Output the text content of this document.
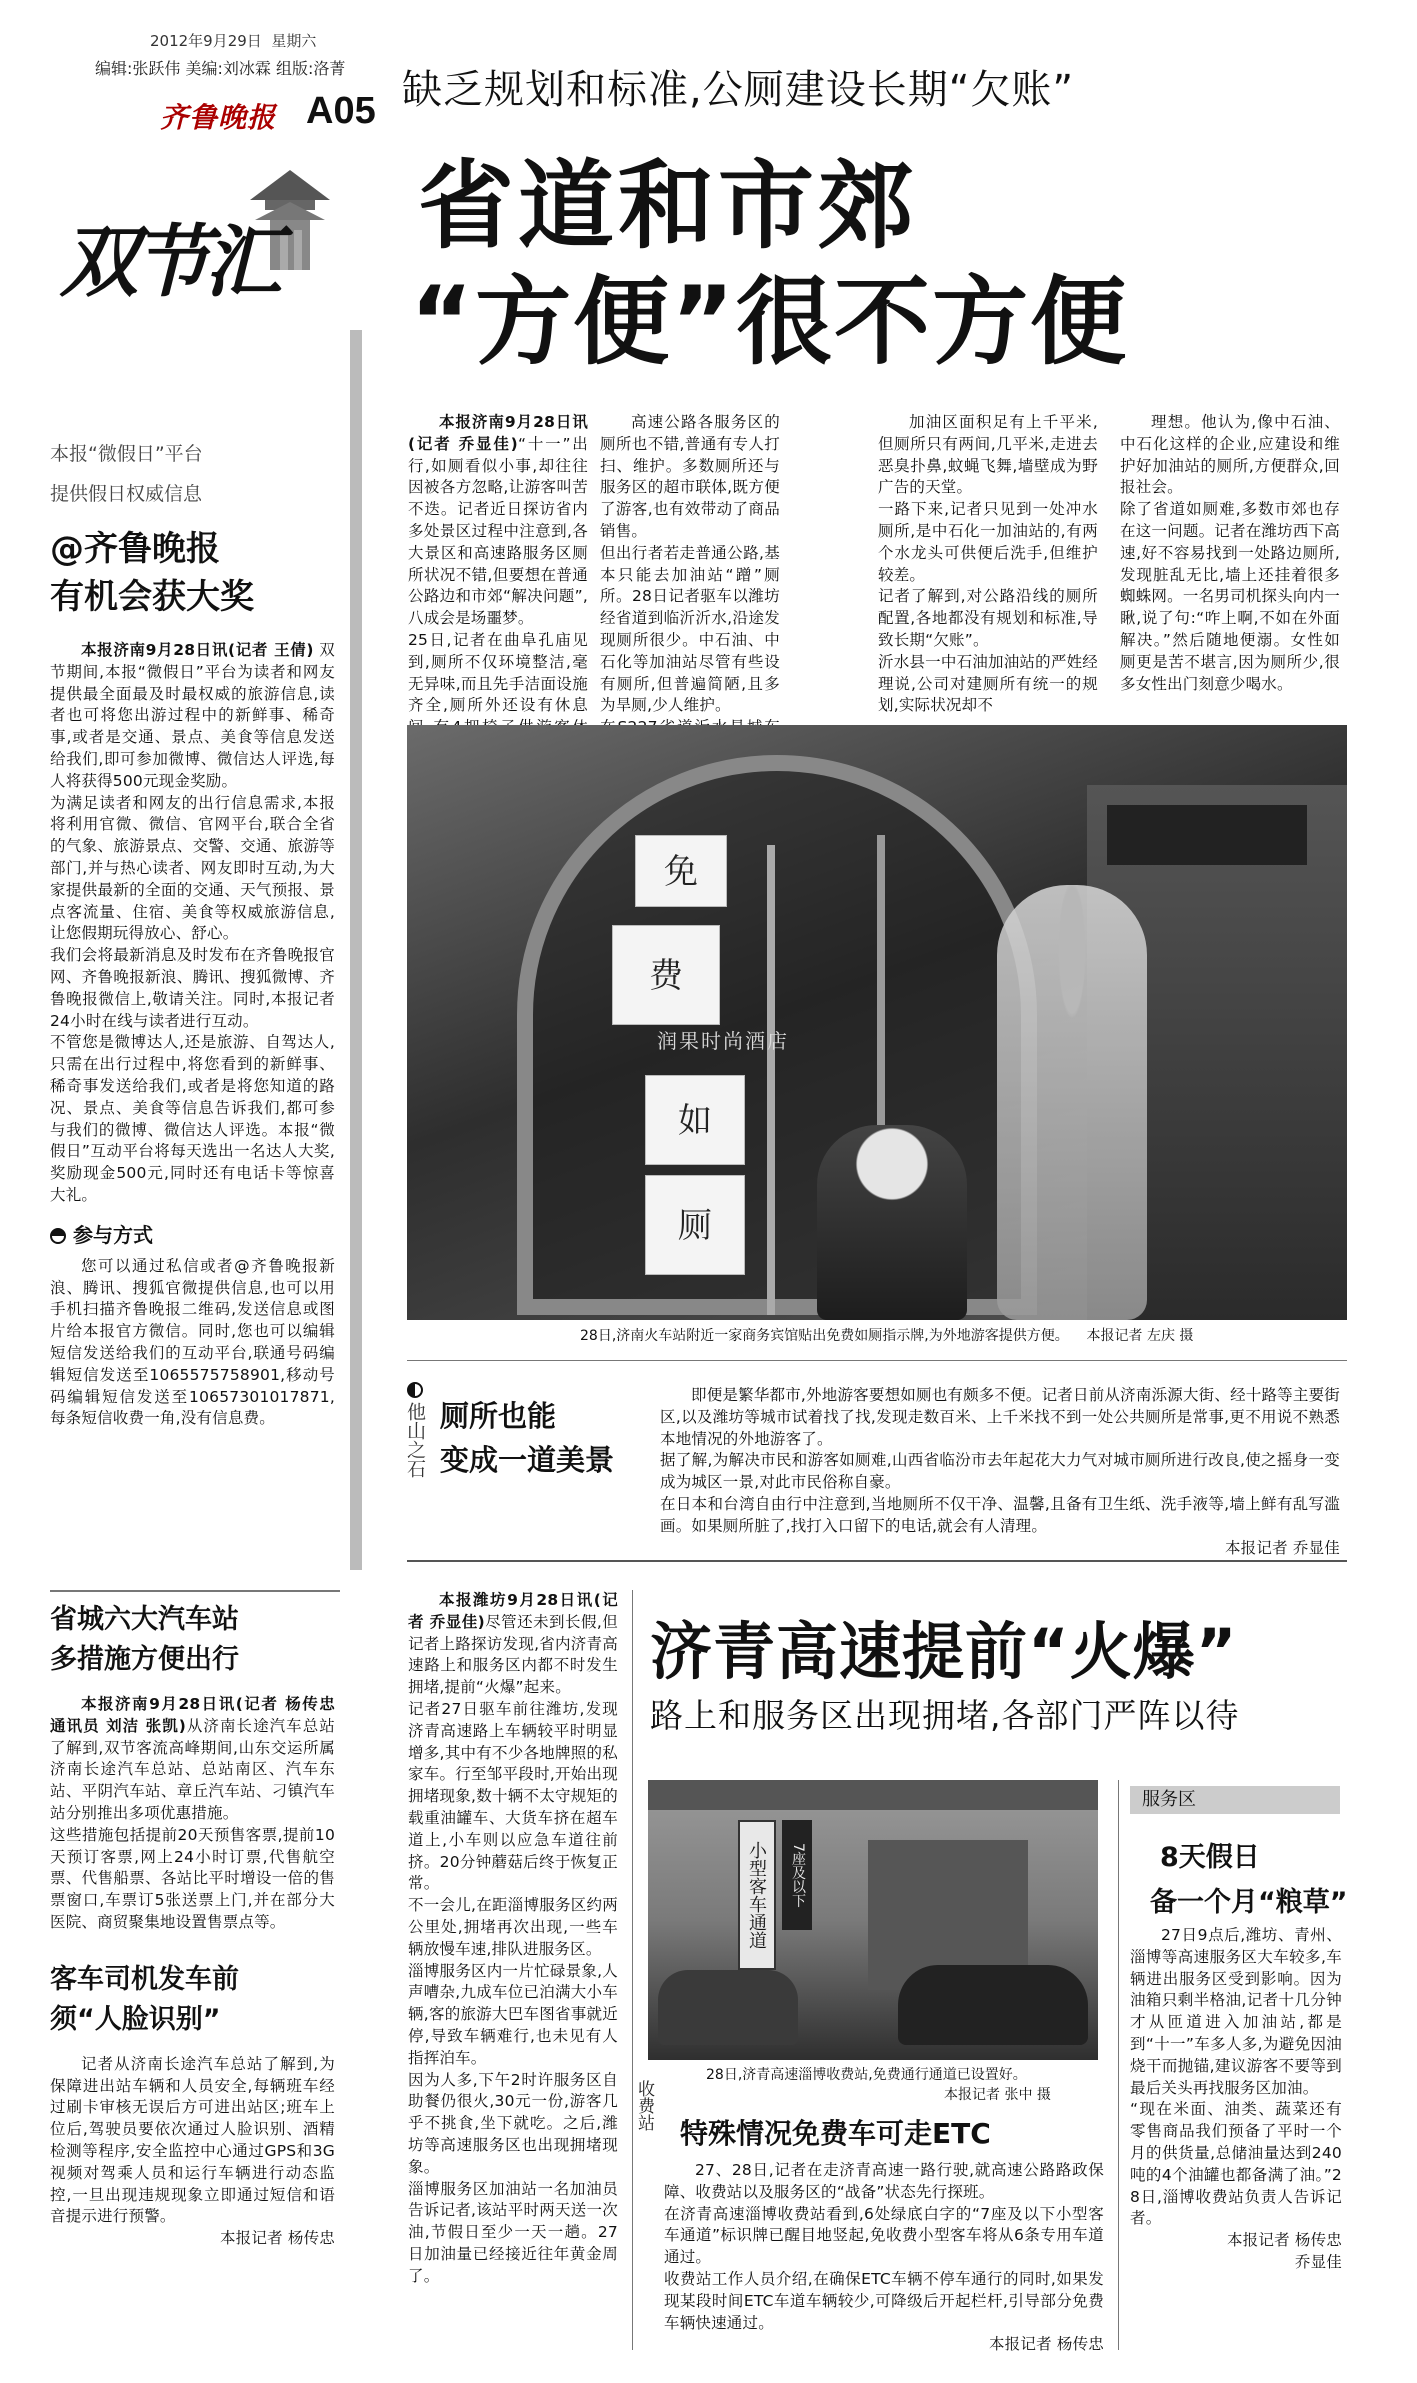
2012年9月29日 星期六
编辑:张跃伟 美编:刘冰霖 组版:洛菁
齐鲁晚报 A05
双节汇
缺乏规划和标准,公厕建设长期“欠账”
省道和市郊
“方便”很不方便
本报“微假日”平台
提供假日权威信息
@齐鲁晚报
有机会获大奖

本报济南9月28日讯(记者 王倩) 双节期间,本报“微假日”平台为读者和网友提供最全面最及时最权威的旅游信息,读者也可将您出游过程中的新鲜事、稀奇事,或者是交通、景点、美食等信息发送给我们,即可参加微博、微信达人评选,每人将获得500元现金奖励。
为满足读者和网友的出行信息需求,本报将利用官微、微信、官网平台,联合全省的气象、旅游景点、交警、交通、旅游等部门,并与热心读者、网友即时互动,为大家提供最新的全面的交通、天气预报、景点客流量、住宿、美食等权威旅游信息,让您假期玩得放心、舒心。
我们会将最新消息及时发布在齐鲁晚报官网、齐鲁晚报新浪、腾讯、搜狐微博、齐鲁晚报微信上,敬请关注。同时,本报记者24小时在线与读者进行互动。
不管您是微博达人,还是旅游、自驾达人,只需在出行过程中,将您看到的新鲜事、稀奇事发送给我们,或者是将您知道的路况、景点、美食等信息告诉我们,都可参与我们的微博、微信达人评选。本报“微假日”互动平台将每天选出一名达人大奖,奖励现金500元,同时还有电话卡等惊喜大礼。

参与方式

您可以通过私信或者@齐鲁晚报新浪、腾讯、搜狐官微提供信息,也可以用手机扫描齐鲁晚报二维码,发送信息或图片给本报官方微信。同时,您也可以编辑短信发送给我们的互动平台,联通号码编辑短信发送至1065575758901,移动号码编辑短信发送至10657301017871,每条短信收费一角,没有信息费。

省城六大汽车站
多措施方便出行

本报济南9月28日讯(记者 杨传忠 通讯员 刘洁 张凯)从济南长途汽车总站了解到,双节客流高峰期间,山东交运所属济南长途汽车总站、总站南区、汽车东站、平阴汽车站、章丘汽车站、刁镇汽车站分别推出多项优惠措施。
这些措施包括提前20天预售客票,提前10天预订客票,网上24小时订票,代售航空票、代售船票、各站比平时增设一倍的售票窗口,车票订5张送票上门,并在部分大医院、商贸聚集地设置售票点等。

客车司机发车前
须“人脸识别”

记者从济南长途汽车总站了解到,为保障进出站车辆和人员安全,每辆班车经过刷卡审核无误后方可进出站区;班车上位后,驾驶员要依次通过人脸识别、酒精检测等程序,安全监控中心通过GPS和3G视频对驾乘人员和运行车辆进行动态监控,一旦出现违规现象立即通过短信和语音提示进行预警。

本报记者 杨传忠

本报济南9月28日讯(记者 乔显佳)“十一”出行,如厕看似小事,却往往因被各方忽略,让游客叫苦不迭。记者近日探访省内多处景区过程中注意到,各大景区和高速路服务区厕所状况不错,但要想在普通公路边和市郊“解决问题”,八成会是场噩梦。
25日,记者在曲阜孔庙见到,厕所不仅环境整洁,毫无异味,而且先手洁面设施齐全,厕所外还设有休息

高速公路各服务区的厕所也不错,普通有专人打扫、维护。多数厕所还与服务区的超市联体,既方便了游客,也有效带动了商品销售。
但出行者若走普通公路,基本只能去加油站“蹭”厕所。28日记者驱车以潍坊经省道到临沂沂水,沿途发现厕所很少。中石油、中石化等加油站尽管有些设有厕所,但普遍简陋,且多为旱厕,少人维护。

加油区面积足有上千平米,但厕所只有两间,几平米,走进去恶臭扑鼻,蚊蝇飞舞,墙壁成为野广告的天堂。
一路下来,记者只见到一处冲水厕所,是中石化一加油站的,有两个水龙头可供便后洗手,但维护较差。
记者了解到,对公路沿线的厕所配置,各地都没有规划和标准,导致长期“欠账”。
沂水县一中石油加油站的严姓经理说,公司对建厕所有统一的规划,实际状况却不

理想。他认为,像中石油、中石化这样的企业,应建设和维护好加油站的厕所,方便群众,回报社会。
除了省道如厕难,多数市郊也存在这一问题。记者在潍坊西下高速,好不容易找到一处路边厕所,发现脏乱无比,墙上还挂着很多蜘蛛网。一名男司机探头向内一瞅,说了句:“咋上啊,不如在外面解决。”然后随地便溺。女性如厕更是苦不堪言,因为厕所少,很多女性出门刻意少喝水。

润果时尚酒店
免
费
如
厕
28日,济南火车站附近一家商务宾馆贴出免费如厕指示牌,为外地游客提供方便。 本报记者 左庆 摄
他山之石 厕所也能
变成一道美景

即便是繁华都市,外地游客要想如厕也有颇多不便。记者日前从济南泺源大街、经十路等主要街区,以及潍坊等城市试着找了找,发现走数百米、上千米找不到一处公共厕所是常事,更不用说不熟悉本地情况的外地游客了。
据了解,为解决市民和游客如厕难,山西省临汾市去年起花大力气对城市厕所进行改良,使之摇身一变成为城区一景,对此市民俗称自豪。
在日本和台湾自由行中注意到,当地厕所不仅干净、温馨,且备有卫生纸、洗手液等,墙上鲜有乱写滥画。如果厕所脏了,找打入口留下的电话,就会有人清理。

本报记者 乔显佳

本报潍坊9月28日讯(记者 乔显佳)尽管还未到长假,但记者上路探访发现,省内济青高速路上和服务区内都不时发生拥堵,提前“火爆”起来。
记者27日驱车前往潍坊,发现济青高速路上车辆较平时明显增多,其中有不少各地牌照的私家车。行至邹平段时,开始出现拥堵现象,数十辆不太守规矩的载重油罐车、大货车挤在超车道上,小车则以应急车道往前挤。20分钟蘑菇后终于恢复正常。
不一会儿,在距淄博服务区约两公里处,拥堵再次出现,一些车辆放慢车速,排队进服务区。
淄博服务区内一片忙碌景象,人声嘈杂,九成车位已泊满大小车辆,客的旅游大巴车图省事就近停,导致车辆难行,也未见有人指挥泊车。
因为人多,下午2时许服务区自助餐仍很火,30元一份,游客几乎不挑食,坐下就吃。之后,潍坊等高速服务区也出现拥堵现象。
淄博服务区加油站一名加油员告诉记者,该站平时两天送一次油,节假日至少一天一趟。27日加油量已经接近往年黄金周了。

济青高速提前“火爆”
路上和服务区出现拥堵,各部门严阵以待
小型客车通道	7座及以下
28日,济青高速淄博收费站,免费通行通道已设置好。
本报记者 张中 摄
收费站
特殊情况免费车可走ETC

27、28日,记者在走济青高速一路行驶,就高速公路路政保障、收费站以及服务区的“战备”状态先行探班。
在济青高速淄博收费站看到,6处绿底白字的“7座及以下小型客车通道”标识牌已醒目地竖起,免收费小型客车将从6条专用车道通过。
收费站工作人员介绍,在确保ETC车辆不停车通行的同时,如果发现某段时间ETC车道车辆较少,可降级后开起栏杆,引导部分免费车辆快速通过。

本报记者 杨传忠
服务区
8天假日
备一个月“粮草”

27日9点后,潍坊、青州、淄博等高速服务区大车较多,车辆进出服务区受到影响。因为油箱只剩半格油,记者十几分钟才从匝道进入加油站,都是到“十一”车多人多,为避免因油烧干而抛锚,建议游客不要等到最后关头再找服务区加油。
“现在米面、油类、蔬菜还有零售商品我们预备了平时一个月的供货量,总储油量达到240吨的4个油罐也都备满了油。”28日,淄博收费站负责人告诉记者。

本报记者 杨传忠
乔显佳
